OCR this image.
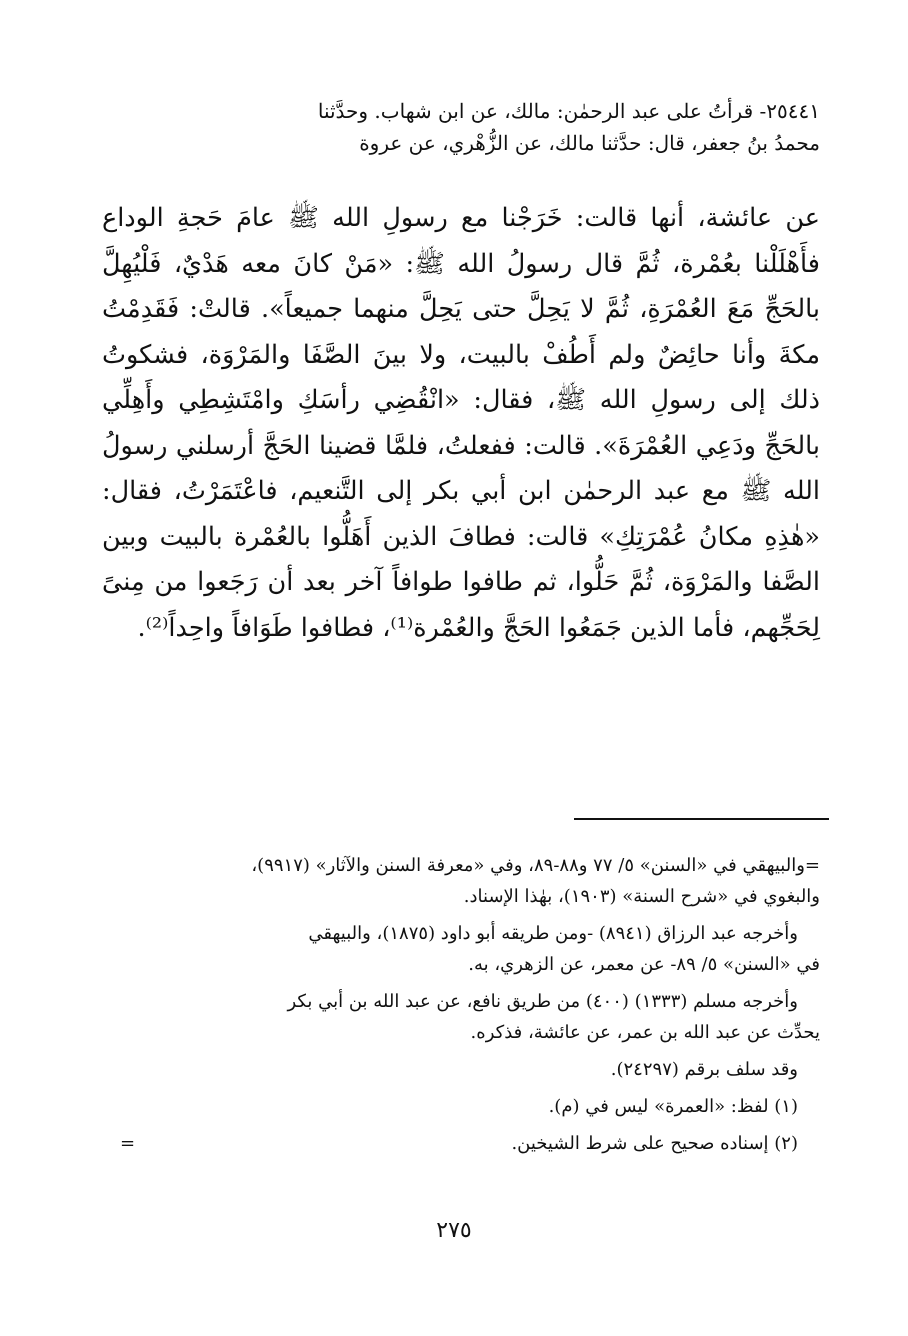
٢٥٤٤١- قرأتُ على عبد الرحمٰن: مالك، عن ابن شهاب. وحدَّثنا
محمدُ بنُ جعفر، قال: حدَّثنا مالك، عن الزُّهْري، عن عروة
عن عائشة، أنها قالت: خَرَجْنا مع رسولِ الله ﷺ عامَ حَجةِ الوداع فأَهْلَلْنا بعُمْرة، ثُمَّ قال رسولُ الله ﷺ: «مَنْ كانَ معه هَدْيٌ، فَلْيُهِلَّ بالحَجِّ مَعَ العُمْرَةِ، ثُمَّ لا يَحِلَّ حتى يَحِلَّ منهما جميعاً». قالتْ: فَقَدِمْتُ مكةَ وأنا حائِضٌ ولم أَطُفْ بالبيت، ولا بينَ الصَّفَا والمَرْوَة، فشكوتُ ذلك إلى رسولِ الله ﷺ، فقال: «انْقُضِي رأسَكِ وامْتَشِطِي وأَهِلِّي بالحَجِّ ودَعِي العُمْرَةَ». قالت: ففعلتُ، فلمَّا قضينا الحَجَّ أرسلني رسولُ الله ﷺ مع عبد الرحمٰن ابن أبي بكر إلى التَّنعيم، فاعْتَمَرْتُ، فقال: «هٰذِهِ مكانُ عُمْرَتِكِ» قالت: فطافَ الذين أَهَلُّوا بالعُمْرة بالبيت وبين الصَّفا والمَرْوَة، ثُمَّ حَلُّوا، ثم طافوا طوافاً آخر بعد أن رَجَعوا من مِنىً لِحَجِّهم، فأما الذين جَمَعُوا الحَجَّ والعُمْرة⁽¹⁾، فطافوا طَوَافاً واحِداً⁽²⁾.
=والبيهقي في «السنن» ٥/ ٧٧ و٨٨-٨٩، وفي «معرفة السنن والآثار» (٩٩١٧)،
والبغوي في «شرح السنة» (١٩٠٣)، بهٰذا الإسناد.
وأخرجه عبد الرزاق (٨٩٤١) -ومن طريقه أبو داود (١٨٧٥)، والبيهقي
في «السنن» ٥/ ٨٩- عن معمر، عن الزهري، به.
وأخرجه مسلم (١٣٣٣) (٤٠٠) من طريق نافع، عن عبد الله بن أبي بكر
يحدِّث عن عبد الله بن عمر، عن عائشة، فذكره.
وقد سلف برقم (٢٤٢٩٧).
(١) لفظ: «العمرة» ليس في (م).
(٢) إسناده صحيح على شرط الشيخين.
=
٢٧٥
